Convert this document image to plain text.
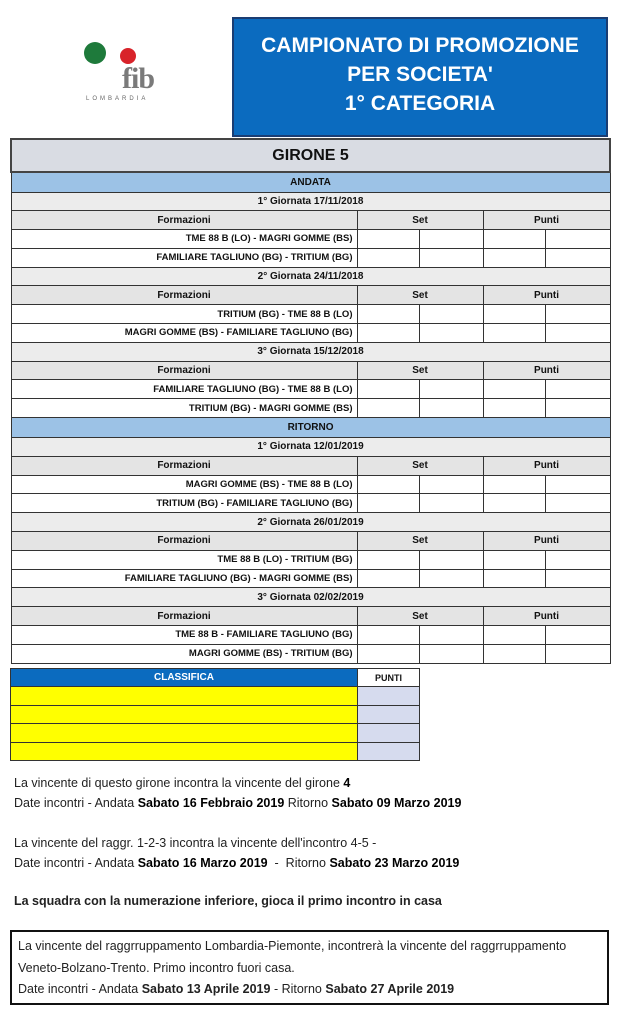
fib
LOMBARDIA
CAMPIONATO DI PROMOZIONE
PER SOCIETA'
1° CATEGORIA
GIRONE 5				
ANDATA				
1° Giornata 17/11/2018				
Formazioni	Set		Punti	
TME 88 B (LO) - MAGRI GOMME (BS)				
FAMILIARE TAGLIUNO (BG) - TRITIUM (BG)				
2° Giornata 24/11/2018				
Formazioni	Set		Punti	
TRITIUM (BG) - TME 88 B (LO)				
MAGRI GOMME (BS) - FAMILIARE TAGLIUNO (BG)				
3° Giornata 15/12/2018				
Formazioni	Set		Punti	
FAMILIARE TAGLIUNO (BG) - TME 88 B (LO)				
TRITIUM (BG) - MAGRI GOMME (BS)				
RITORNO				
1° Giornata 12/01/2019				
Formazioni	Set		Punti	
MAGRI GOMME (BS) - TME 88 B (LO)				
TRITIUM (BG) - FAMILIARE TAGLIUNO (BG)				
2° Giornata 26/01/2019				
Formazioni	Set		Punti	
TME 88 B (LO) - TRITIUM (BG)				
FAMILIARE TAGLIUNO (BG) - MAGRI GOMME (BS)				
3° Giornata 02/02/2019				
Formazioni	Set		Punti	
TME 88 B - FAMILIARE TAGLIUNO (BG)				
MAGRI GOMME (BS) - TRITIUM (BG)				
CLASSIFICA	PUNTI

La vincente di questo girone incontra la vincente del girone 4
Date incontri - Andata Sabato 16 Febbraio 2019 Ritorno Sabato 09 Marzo 2019
La vincente del raggr. 1-2-3 incontra la vincente dell'incontro 4-5 -
Date incontri - Andata Sabato 16 Marzo 2019  -  Ritorno Sabato 23 Marzo 2019
La squadra con la numerazione inferiore, gioca il primo incontro in casa
La vincente del raggrruppamento Lombardia-Piemonte, incontrerà la vincente del raggrruppamento Veneto-Bolzano-Trento. Primo incontro fuori casa.
Date incontri - Andata Sabato 13 Aprile 2019 - Ritorno Sabato 27 Aprile 2019
